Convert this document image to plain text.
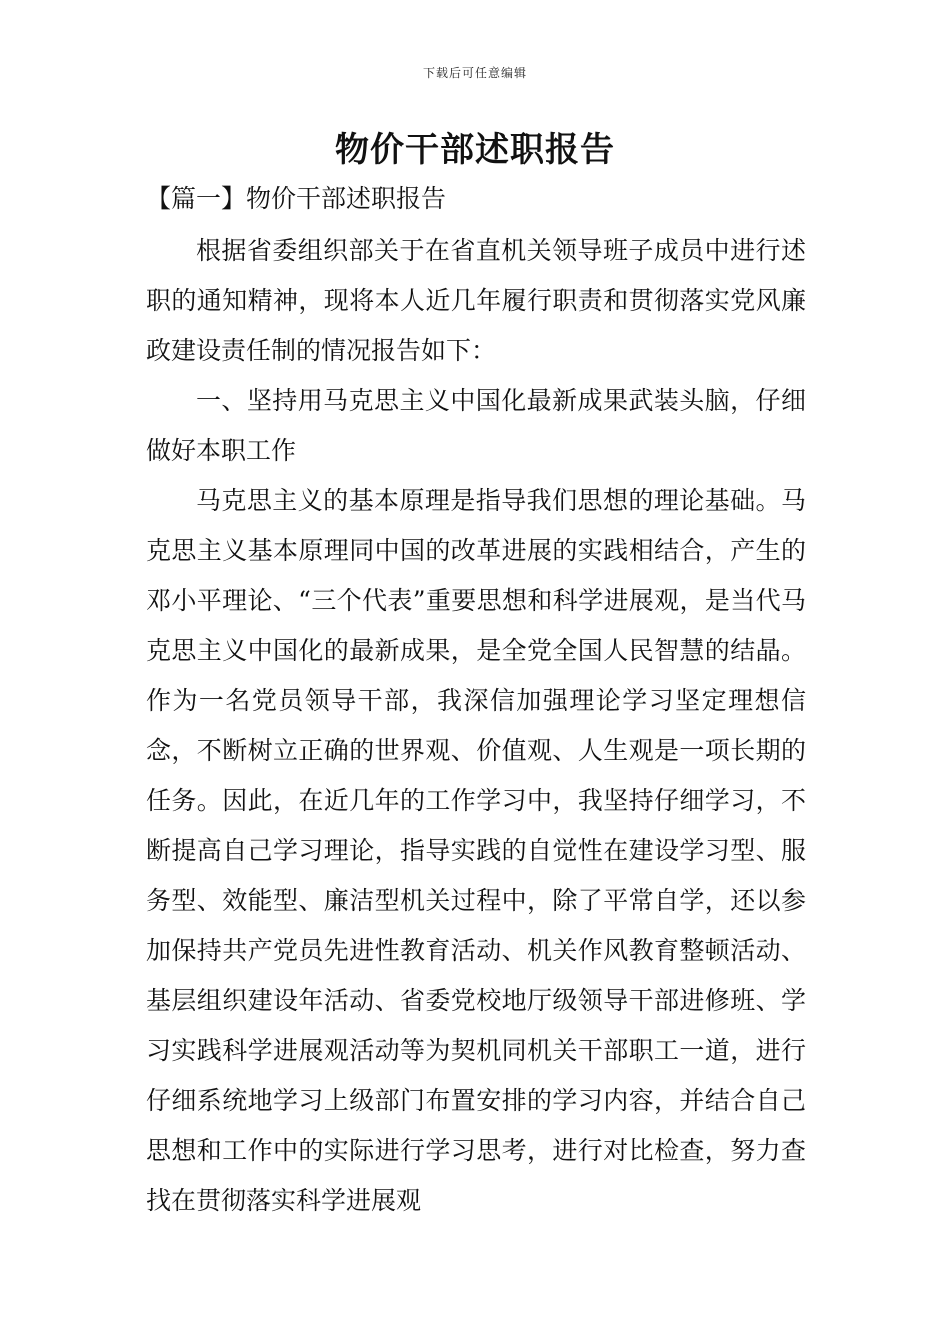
下载后可任意编辑
物价干部述职报告
【篇一】物价干部述职报告

根据省委组织部关于在省直机关领导班子成员中进行述职的通知精神，现将本人近几年履行职责和贯彻落实党风廉政建设责任制的情况报告如下：

一、坚持用马克思主义中国化最新成果武装头脑，仔细做好本职工作

马克思主义的基本原理是指导我们思想的理论基础。马克思主义基本原理同中国的改革进展的实践相结合，产生的邓小平理论、“三个代表”重要思想和科学进展观，是当代马克思主义中国化的最新成果，是全党全国人民智慧的结晶。作为一名党员领导干部，我深信加强理论学习坚定理想信念，不断树立正确的世界观、价值观、人生观是一项长期的任务。因此，在近几年的工作学习中，我坚持仔细学习，不断提高自己学习理论，指导实践的自觉性在建设学习型、服务型、效能型、廉洁型机关过程中，除了平常自学，还以参加保持共产党员先进性教育活动、机关作风教育整顿活动、基层组织建设年活动、省委党校地厅级领导干部进修班、学习实践科学进展观活动等为契机同机关干部职工一道，进行仔细系统地学习上级部门布置安排的学习内容，并结合自己思想和工作中的实际进行学习思考，进行对比检查，努力查找在贯彻落实科学进展观
